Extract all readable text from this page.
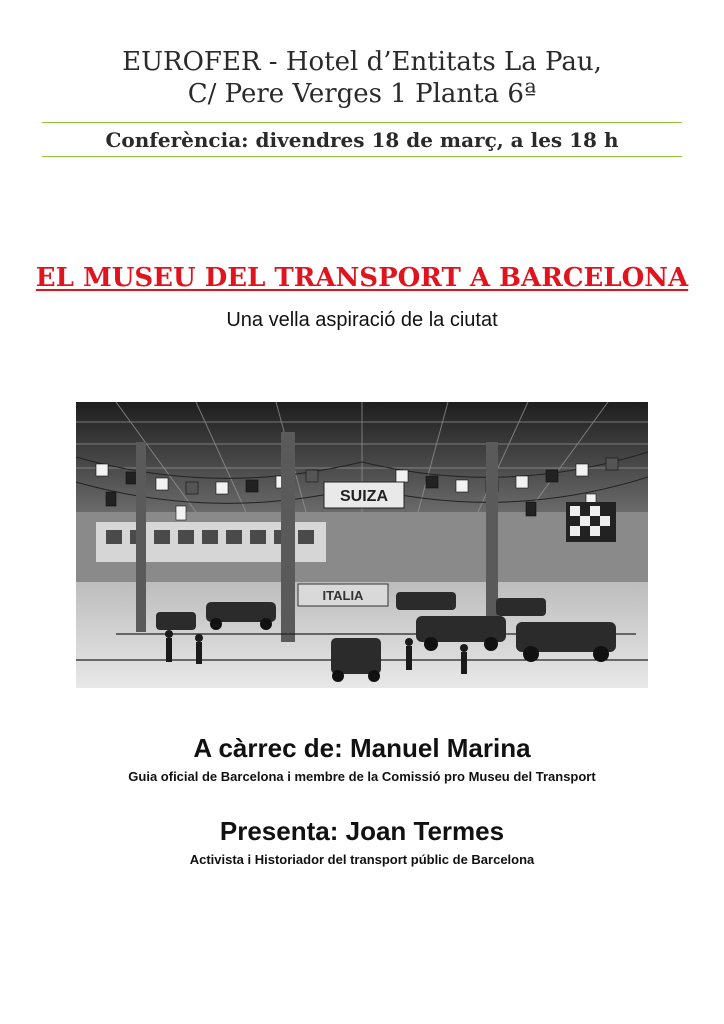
EUROFER - Hotel d’Entitats La Pau,
C/ Pere Verges 1 Planta 6ª
Conferència: divendres 18 de març, a les 18 h
EL MUSEU DEL TRANSPORT A BARCELONA
Una vella aspiració de la ciutat
SUIZA
ITALIA
A càrrec de: Manuel Marina
Guia oficial de Barcelona i membre de la Comissió pro Museu del Transport
Presenta: Joan Termes
Activista i Historiador del transport públic de Barcelona
